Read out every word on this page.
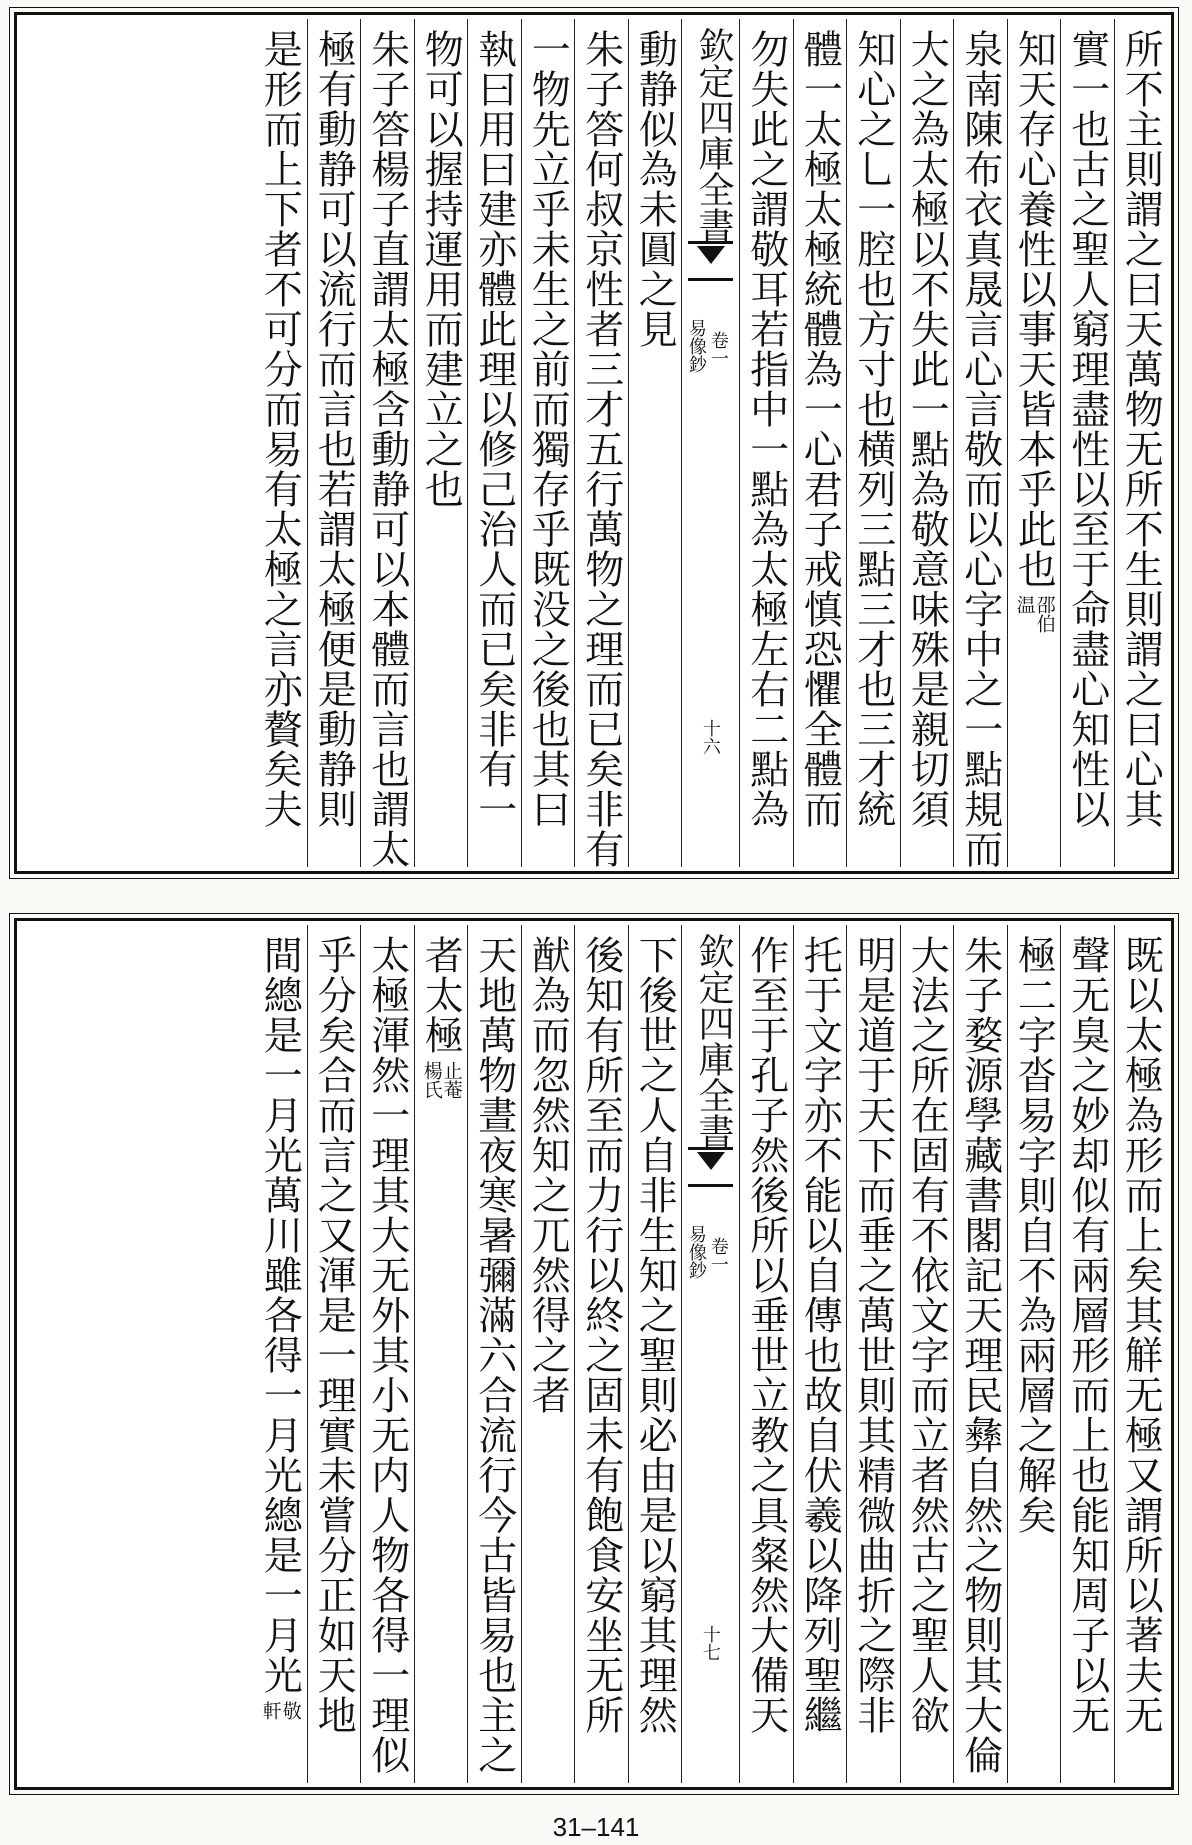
所不主則謂之曰天萬物无所不生則謂之曰心其
實一也古之聖人窮理盡性以至于命盡心知性以
知天存心養性以事天皆本乎此也
邵伯
温
泉南陳布衣真晟言心言敬而以心字中之一點規而
大之為太極以不失此一點為敬意味殊是親切須
知心之乚一腔也方寸也横列三點三才也三才統
體一太極太極統體為一心君子戒慎恐懼全體而
勿失此之謂敬耳若指中一點為太極左右二點為
欽定四庫全書
易像鈔 卷一
十六
動静似為未圓之見
朱子答何叔京性者三才五行萬物之理而已矣非有
一物先立乎未生之前而獨存乎既没之後也其曰
執曰用曰建亦體此理以修己治人而已矣非有一
物可以握持運用而建立之也
朱子答楊子直謂太極含動静可以本體而言也謂太
極有動静可以流行而言也若謂太極便是動静則
是形而上下者不可分而易有太極之言亦贅矣夫
既以太極為形而上矣其觧无極又謂所以著夫无
聲无臭之妙却似有兩層形而上也能知周子以无
極二字沓易字則自不為兩層之解矣
朱子婺源學藏書閣記天理民彝自然之物則其大倫
大法之所在固有不依文字而立者然古之聖人欲
明是道于天下而垂之萬世則其精微曲折之際非
托于文字亦不能以自傳也故自伏羲以降列聖繼
作至于孔子然後所以垂世立教之具粲然大備天
欽定四庫全書
易像鈔 卷一
十七
下後世之人自非生知之聖則必由是以窮其理然
後知有所至而力行以終之固未有飽食安坐无所
猷為而忽然知之兀然得之者
天地萬物晝夜寒暑彌滿六合流行今古皆易也主之
者太極
止菴
楊氏
太極渾然一理其大无外其小无内人物各得一理似
乎分矣合而言之又渾是一理實未嘗分正如天地
間總是一月光萬川雖各得一月光總是一月光
敬
軒
31–141
